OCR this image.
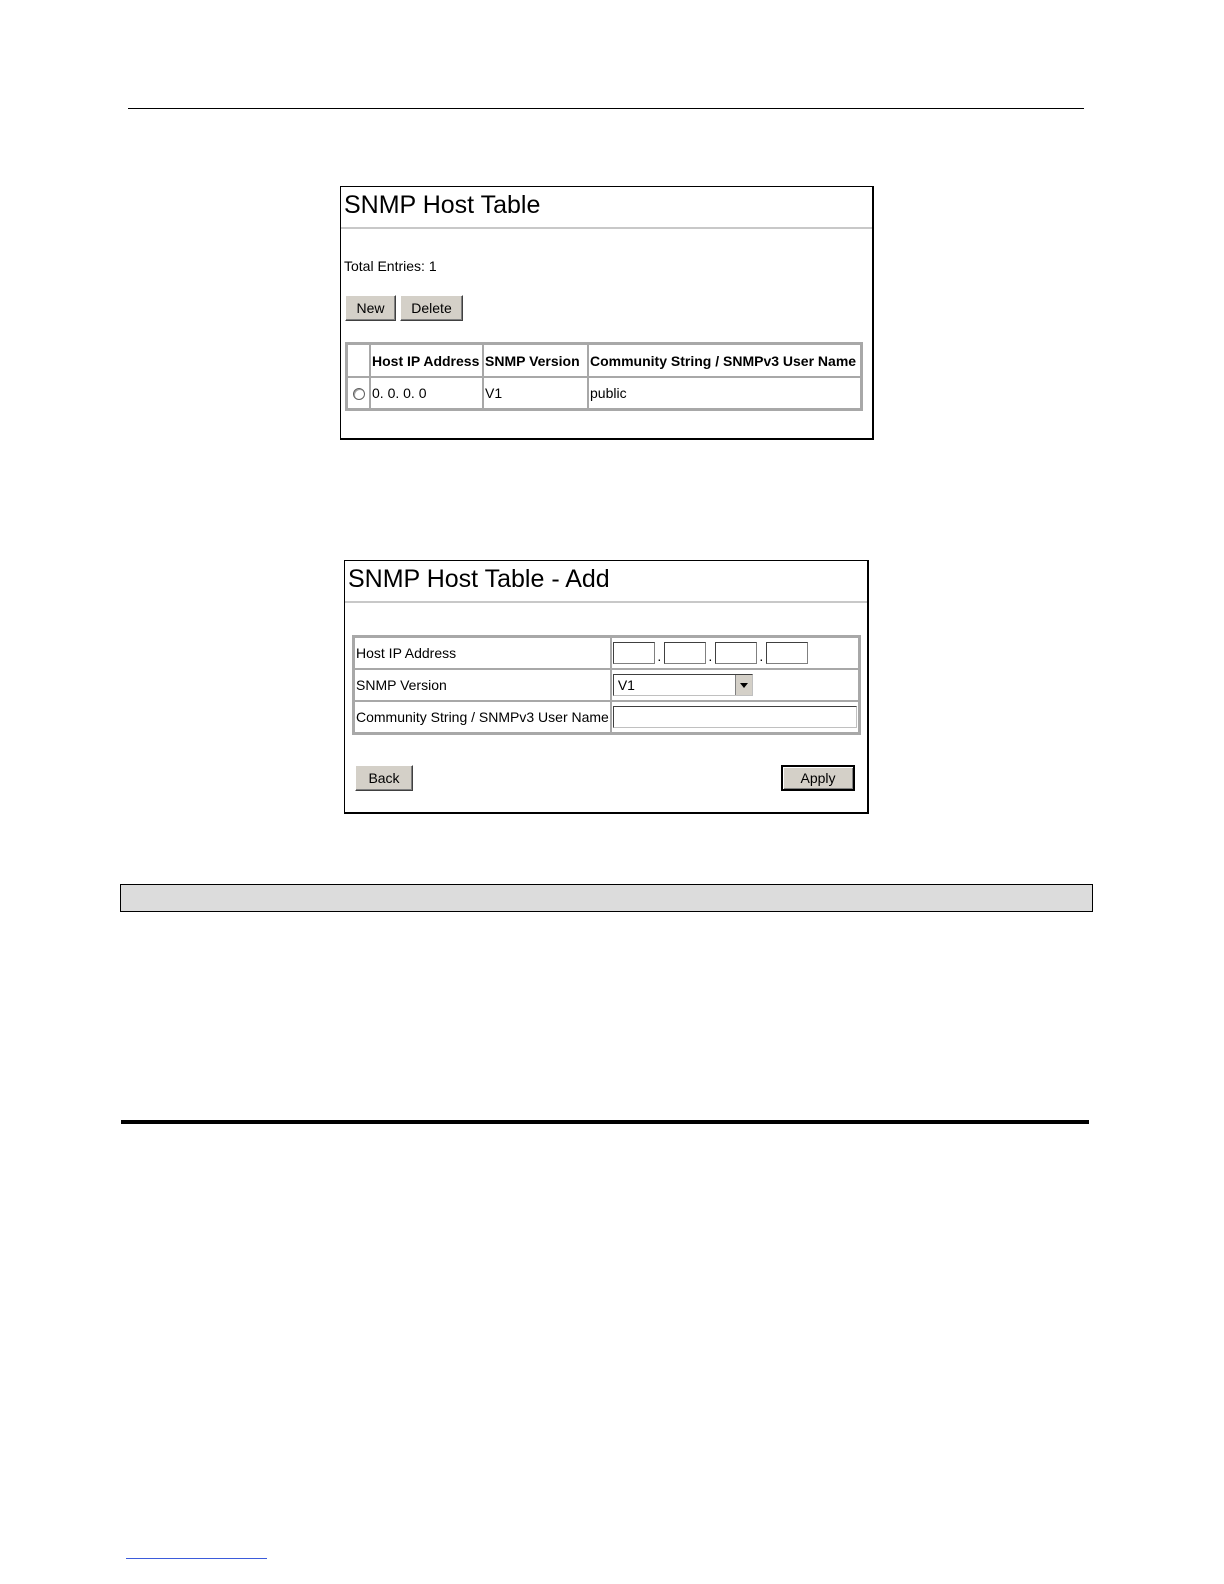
SNMP Host Table
Total Entries: 1
New	Delete
	Host IP Address	SNMP Version	Community String / SNMPv3 User Name
	0. 0. 0. 0	V1	public
SNMP Host Table - Add
Host IP Address	. . .
SNMP Version	V1

Community String / SNMPv3 User Name	
Back	Apply
